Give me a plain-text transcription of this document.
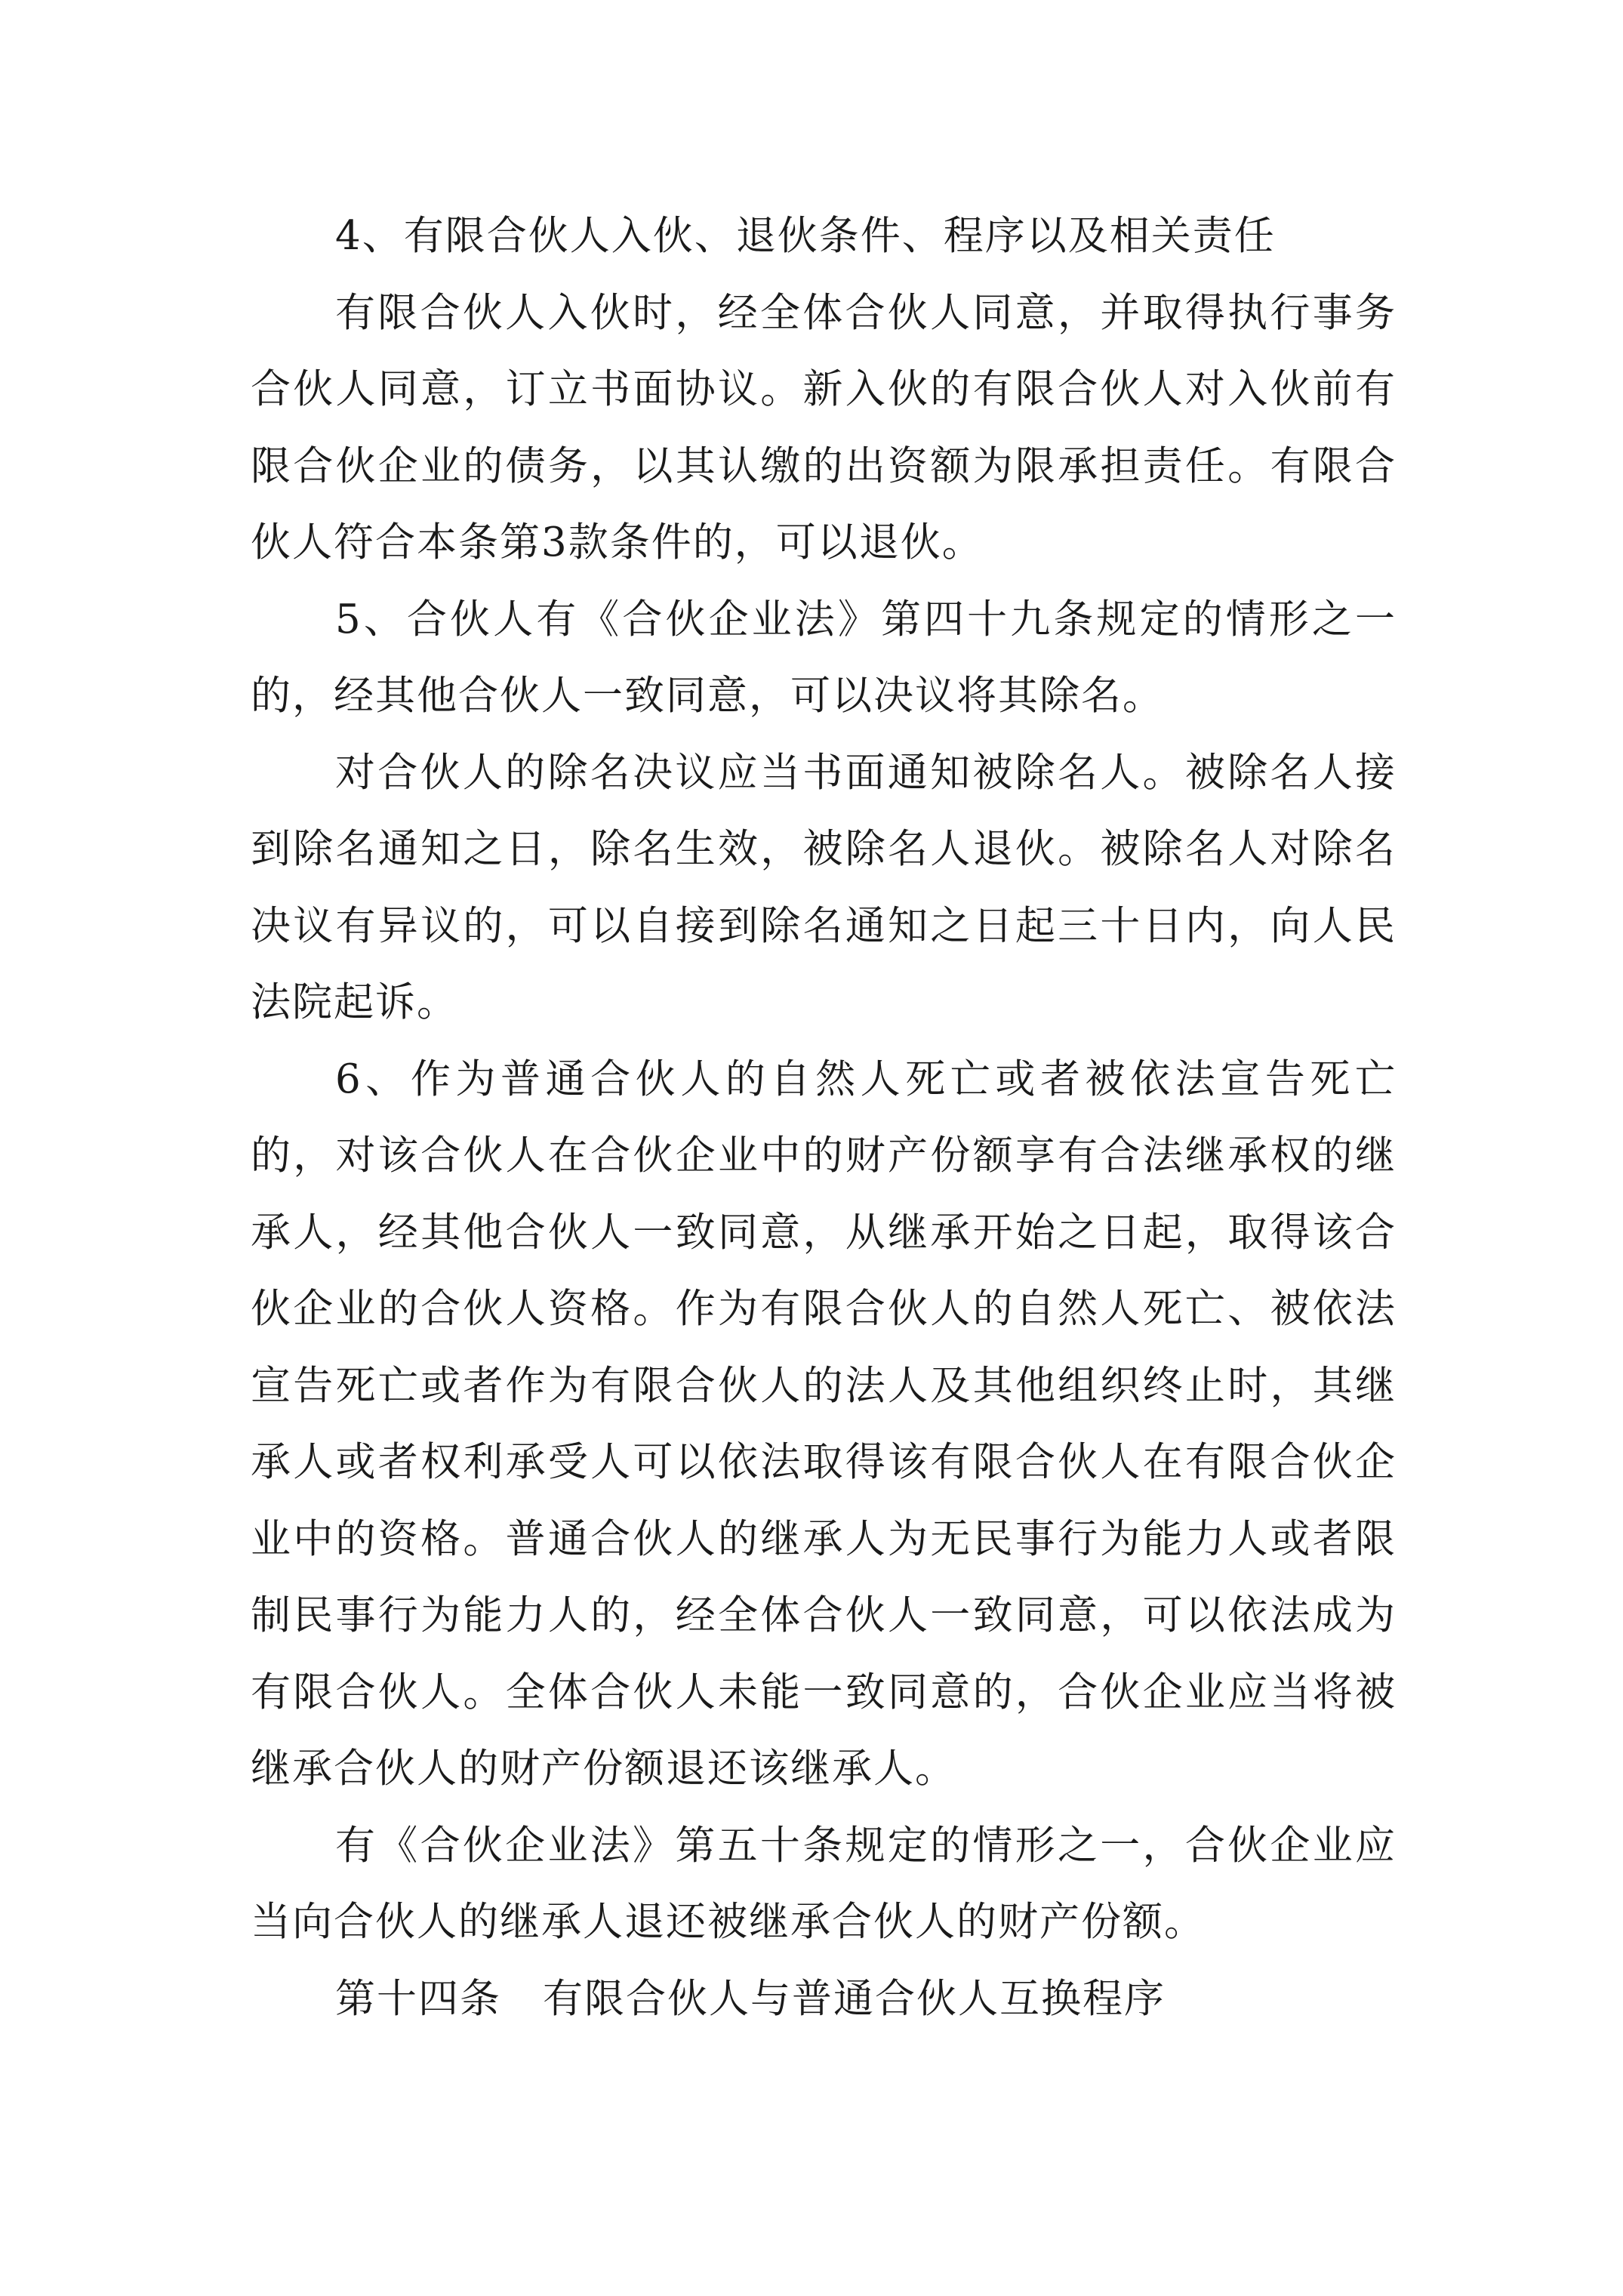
4、有限合伙人入伙、退伙条件、程序以及相关责任

有限合伙人入伙时，经全体合伙人同意，并取得执行事务合伙人同意，订立书面协议。新入伙的有限合伙人对入伙前有限合伙企业的债务，以其认缴的出资额为限承担责任。有限合伙人符合本条第3款条件的，可以退伙。

5、合伙人有《合伙企业法》第四十九条规定的情形之一的，经其他合伙人一致同意，可以决议将其除名。

对合伙人的除名决议应当书面通知被除名人。被除名人接到除名通知之日，除名生效，被除名人退伙。被除名人对除名决议有异议的，可以自接到除名通知之日起三十日内，向人民法院起诉。

6、作为普通合伙人的自然人死亡或者被依法宣告死亡的，对该合伙人在合伙企业中的财产份额享有合法继承权的继承人，经其他合伙人一致同意，从继承开始之日起，取得该合伙企业的合伙人资格。作为有限合伙人的自然人死亡、被依法宣告死亡或者作为有限合伙人的法人及其他组织终止时，其继承人或者权利承受人可以依法取得该有限合伙人在有限合伙企业中的资格。普通合伙人的继承人为无民事行为能力人或者限制民事行为能力人的，经全体合伙人一致同意，可以依法成为有限合伙人。全体合伙人未能一致同意的，合伙企业应当将被继承合伙人的财产份额退还该继承人。

有《合伙企业法》第五十条规定的情形之一，合伙企业应当向合伙人的继承人退还被继承合伙人的财产份额。

第十四条　有限合伙人与普通合伙人互换程序
